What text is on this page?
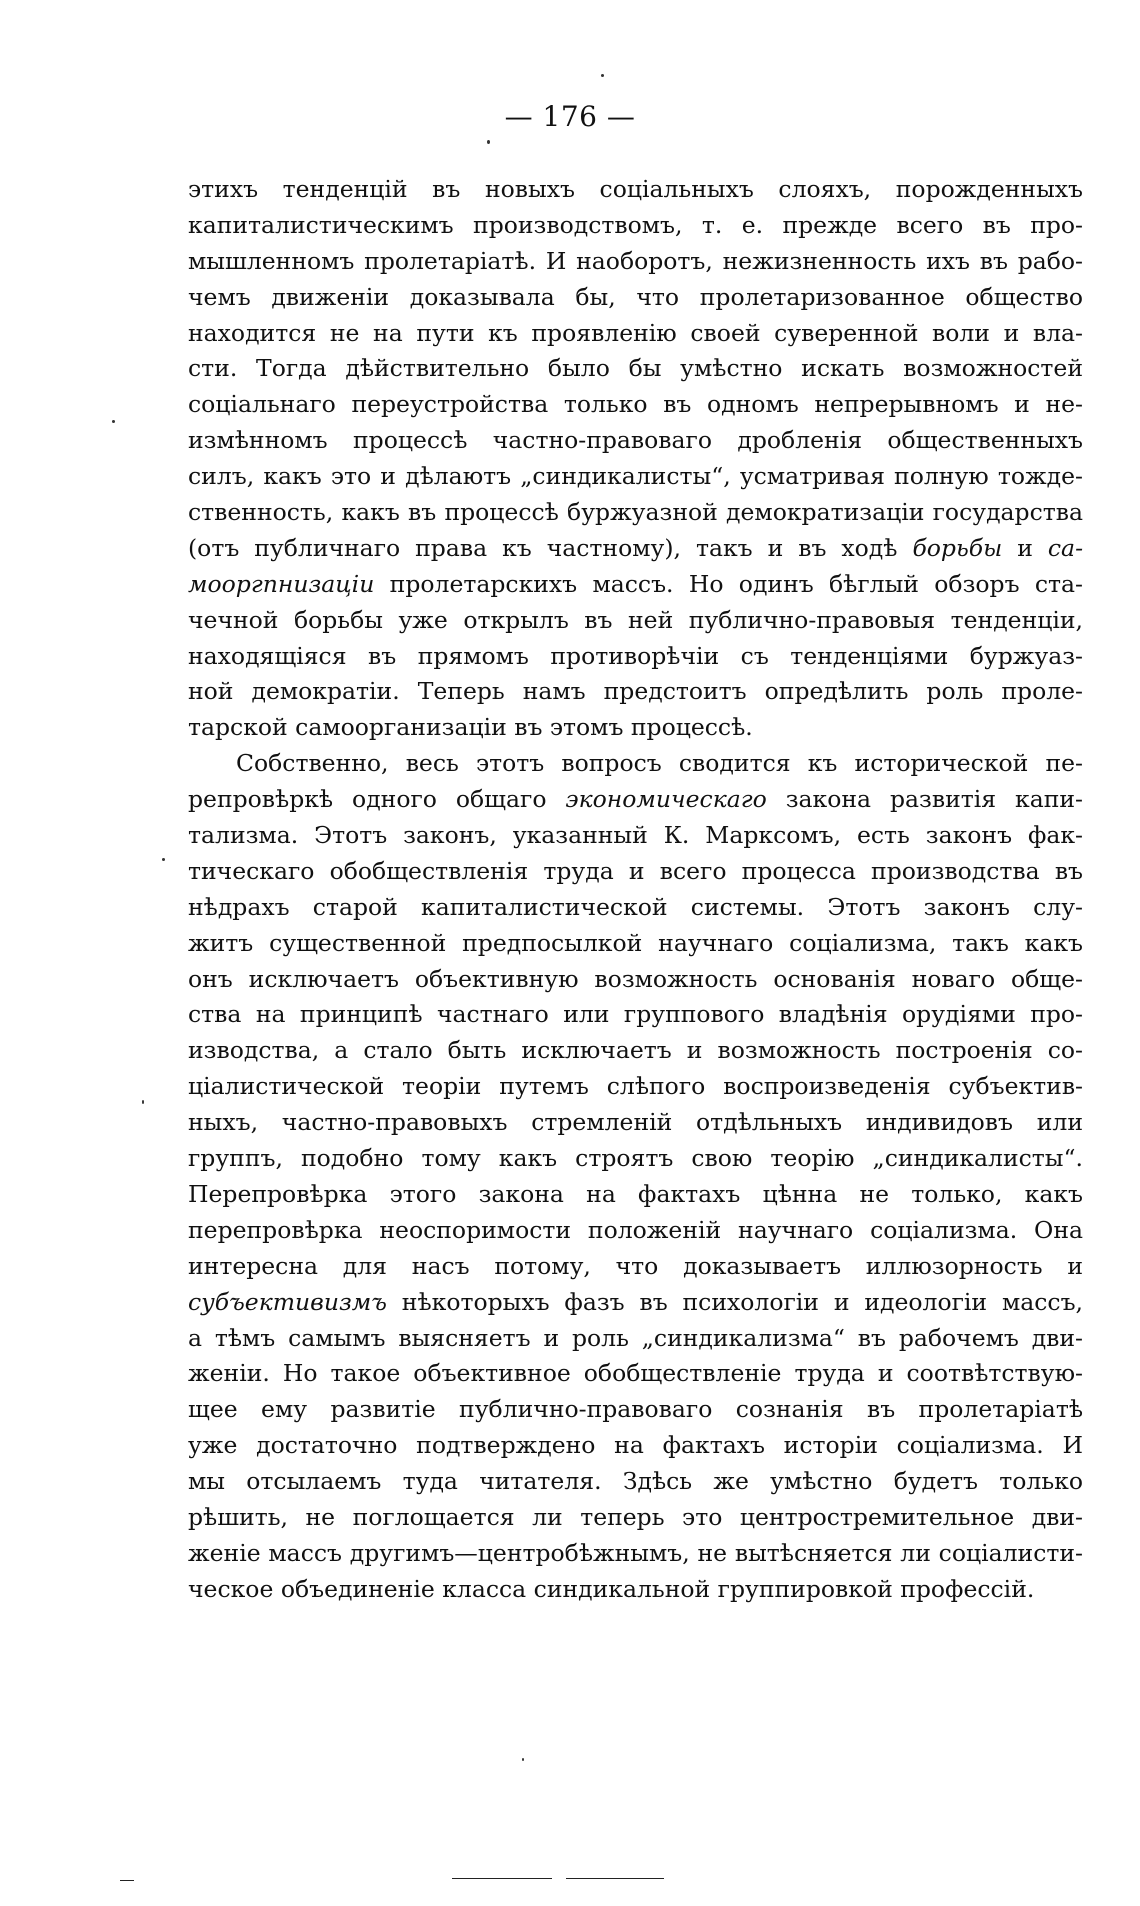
— 176 —
этихъ тенденцій въ новыхъ соціальныхъ слояхъ, порожденныхъ
капиталистическимъ производствомъ, т. е. прежде всего въ про-
мышленномъ пролетаріатѣ. И наоборотъ, нежизненность ихъ въ рабо-
чемъ движеніи доказывала бы, что пролетаризованное общество
находится не на пути къ проявленію своей суверенной воли и вла-
сти. Тогда дѣйствительно было бы умѣстно искать возможностей
соціальнаго переустройства только въ одномъ непрерывномъ и не-
измѣнномъ процессѣ частно-правоваго дробленія общественныхъ
силъ, какъ это и дѣлаютъ „синдикалисты“, усматривая полную тожде-
ственность, какъ въ процессѣ буржуазной демократизаціи государства
(отъ публичнаго права къ частному), такъ и въ ходѣ борьбы и са-
мооргпнизаціи пролетарскихъ массъ. Но одинъ бѣглый обзоръ ста-
чечной борьбы уже открылъ въ ней публично-правовыя тенденціи,
находящіяся въ прямомъ противорѣчіи съ тенденціями буржуаз-
ной демократіи. Теперь намъ предстоитъ опредѣлить роль проле-
тарской самоорганизаціи въ этомъ процессѣ.
Собственно, весь этотъ вопросъ сводится къ исторической пе-
репровѣркѣ одного общаго экономическаго закона развитія капи-
тализма. Этотъ законъ, указанный К. Марксомъ, есть законъ фак-
тическаго обобществленія труда и всего процесса производства въ
нѣдрахъ старой капиталистической системы. Этотъ законъ слу-
житъ существенной предпосылкой научнаго соціализма, такъ какъ
онъ исключаетъ объективную возможность основанія новаго обще-
ства на принципѣ частнаго или группового владѣнія орудіями про-
изводства, а стало быть исключаетъ и возможность построенія со-
ціалистической теоріи путемъ слѣпого воспроизведенія субъектив-
ныхъ, частно-правовыхъ стремленій отдѣльныхъ индивидовъ или
группъ, подобно тому какъ строятъ свою теорію „синдикалисты“.
Перепровѣрка этого закона на фактахъ цѣнна не только, какъ
перепровѣрка неоспоримости положеній научнаго соціализма. Она
интересна для насъ потому, что доказываетъ иллюзорность и
субъективизмъ нѣкоторыхъ фазъ въ психологіи и идеологіи массъ,
а тѣмъ самымъ выясняетъ и роль „синдикализма“ въ рабочемъ дви-
женіи. Но такое объективное обобществленіе труда и соотвѣтствую-
щее ему развитіе публично-правоваго сознанія въ пролетаріатѣ
уже достаточно подтверждено на фактахъ исторіи соціализма. И
мы отсылаемъ туда читателя. Здѣсь же умѣстно будетъ только
рѣшить, не поглощается ли теперь это центростремительное дви-
женіе массъ другимъ—центробѣжнымъ, не вытѣсняется ли соціалисти-
ческое объединеніе класса синдикальной группировкой профессій.
